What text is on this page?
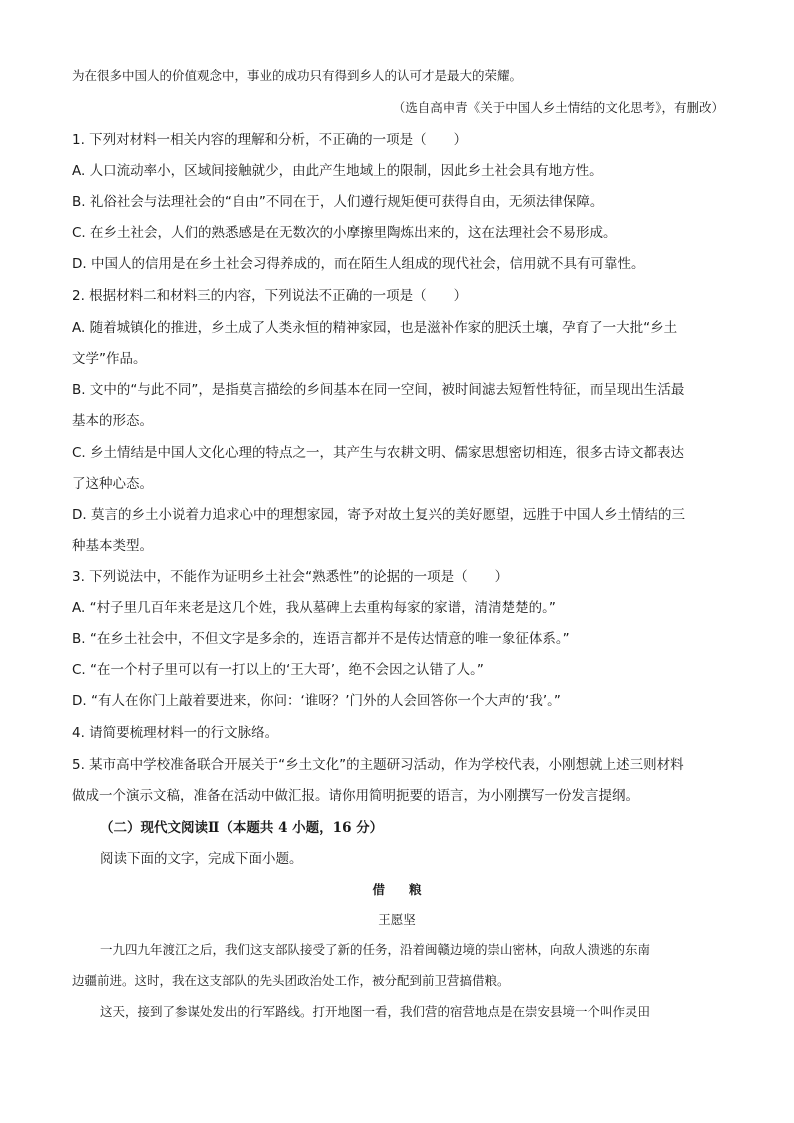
为在很多中国人的价值观念中，事业的成功只有得到乡人的认可才是最大的荣耀。
（选自高申青《关于中国人乡土情结的文化思考》，有删改）
1. 下列对材料一相关内容的理解和分析，不正确的一项是（　　）
A. 人口流动率小，区域间接触就少，由此产生地域上的限制，因此乡土社会具有地方性。
B. 礼俗社会与法理社会的“自由”不同在于，人们遵行规矩便可获得自由，无须法律保障。
C. 在乡土社会，人们的熟悉感是在无数次的小摩擦里陶炼出来的，这在法理社会不易形成。
D. 中国人的信用是在乡土社会习得养成的，而在陌生人组成的现代社会，信用就不具有可靠性。
2. 根据材料二和材料三的内容，下列说法不正确的一项是（　　）
A. 随着城镇化的推进，乡土成了人类永恒的精神家园，也是滋补作家的肥沃土壤，孕育了一大批“乡土
文学”作品。
B. 文中的“与此不同”，是指莫言描绘的乡间基本在同一空间，被时间滤去短暂性特征，而呈现出生活最
基本的形态。
C. 乡土情结是中国人文化心理的特点之一，其产生与农耕文明、儒家思想密切相连，很多古诗文都表达
了这种心态。
D. 莫言的乡土小说着力追求心中的理想家园，寄予对故土复兴的美好愿望，远胜于中国人乡土情结的三
种基本类型。
3. 下列说法中，不能作为证明乡土社会“熟悉性”的论据的一项是（　　）
A. “村子里几百年来老是这几个姓，我从墓碑上去重构每家的家谱，清清楚楚的。”
B. “在乡土社会中，不但文字是多余的，连语言都并不是传达情意的唯一象征体系。”
C. “在一个村子里可以有一打以上的‘王大哥’，绝不会因之认错了人。”
D. “有人在你门上敲着要进来，你问：‘谁呀？’门外的人会回答你一个大声的‘我’。”
4. 请简要梳理材料一的行文脉络。
5. 某市高中学校准备联合开展关于“乡土文化”的主题研习活动，作为学校代表，小刚想就上述三则材料
做成一个演示文稿，准备在活动中做汇报。请你用简明扼要的语言，为小刚撰写一份发言提纲。
（二）现代文阅读Ⅱ（本题共 4 小题，16 分）
阅读下面的文字，完成下面小题。
借粮
王愿坚
一九四九年渡江之后，我们这支部队接受了新的任务，沿着闽赣边境的崇山密林，向敌人溃逃的东南
边疆前进。这时，我在这支部队的先头团政治处工作，被分配到前卫营搞借粮。
这天，接到了参谋处发出的行军路线。打开地图一看，我们营的宿营地点是在崇安县境一个叫作灵田
